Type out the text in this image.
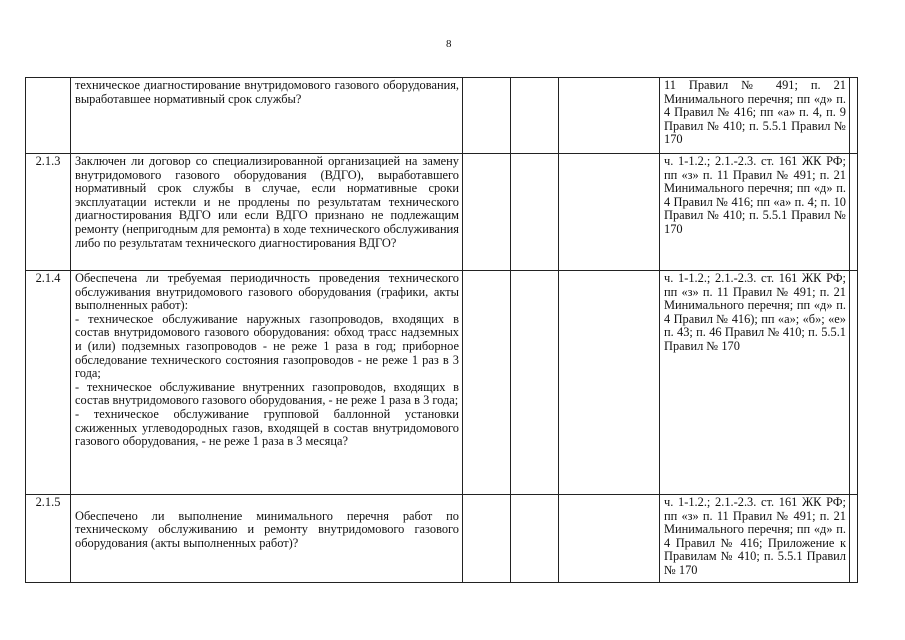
8

	техническое диагностирование внутридомового газового оборудования, выработавшее нормативный срок службы?				11 Правил № 491; п. 21 Минимального перечня; пп «д» п. 4 Правил № 416; пп «а» п. 4, п. 9 Правил № 410; п. 5.5.1 Правил № 170	
2.1.3	Заключен ли договор со специализированной организацией на замену внутридомового газового оборудования (ВДГО), выработавшего нормативный срок службы в случае, если нормативные сроки эксплуатации истекли и не продлены по результатам технического диагностирования ВДГО или если ВДГО признано не подлежащим ремонту (непригодным для ремонта) в ходе технического обслуживания либо по результатам технического диагностирования ВДГО?				ч. 1-1.2.; 2.1.-2.3. ст. 161 ЖК РФ; пп «з» п. 11 Правил № 491; п. 21 Минимального перечня; пп «д» п. 4 Правил № 416; пп «а» п. 4; п. 10 Правил № 410; п. 5.5.1 Правил № 170	
2.1.4	Обеспечена ли требуемая периодичность проведения технического обслуживания внутридомового газового оборудования (графики, акты выполненных работ):
- техническое обслуживание наружных газопроводов, входящих в состав внутридомового газового оборудования: обход трасс надземных и (или) подземных газопроводов - не реже 1 раза в год; приборное обследование технического состояния газопроводов - не реже 1 раз в 3 года;
- техническое обслуживание внутренних газопроводов, входящих в состав внутридомового газового оборудования, - не реже 1 раза в 3 года;
- техническое обслуживание групповой баллонной установки сжиженных углеводородных газов, входящей в состав внутридомового газового оборудования, - не реже 1 раза в 3 месяца?				ч. 1-1.2.; 2.1.-2.3. ст. 161 ЖК РФ; пп «з» п. 11 Правил № 491; п. 21 Минимального перечня; пп «д» п. 4 Правил № 416); пп «а»; «б»; «е» п. 43; п. 46 Правил № 410; п. 5.5.1 Правил № 170	
2.1.5	Обеспечено ли выполнение минимального перечня работ по техническому обслуживанию и ремонту внутридомового газового оборудования (акты выполненных работ)?				ч. 1-1.2.; 2.1.-2.3. ст. 161 ЖК РФ; пп «з» п. 11 Правил № 491; п. 21 Минимального перечня; пп «д» п. 4 Правил № 416; Приложение к Правилам № 410; п. 5.5.1 Правил № 170	
